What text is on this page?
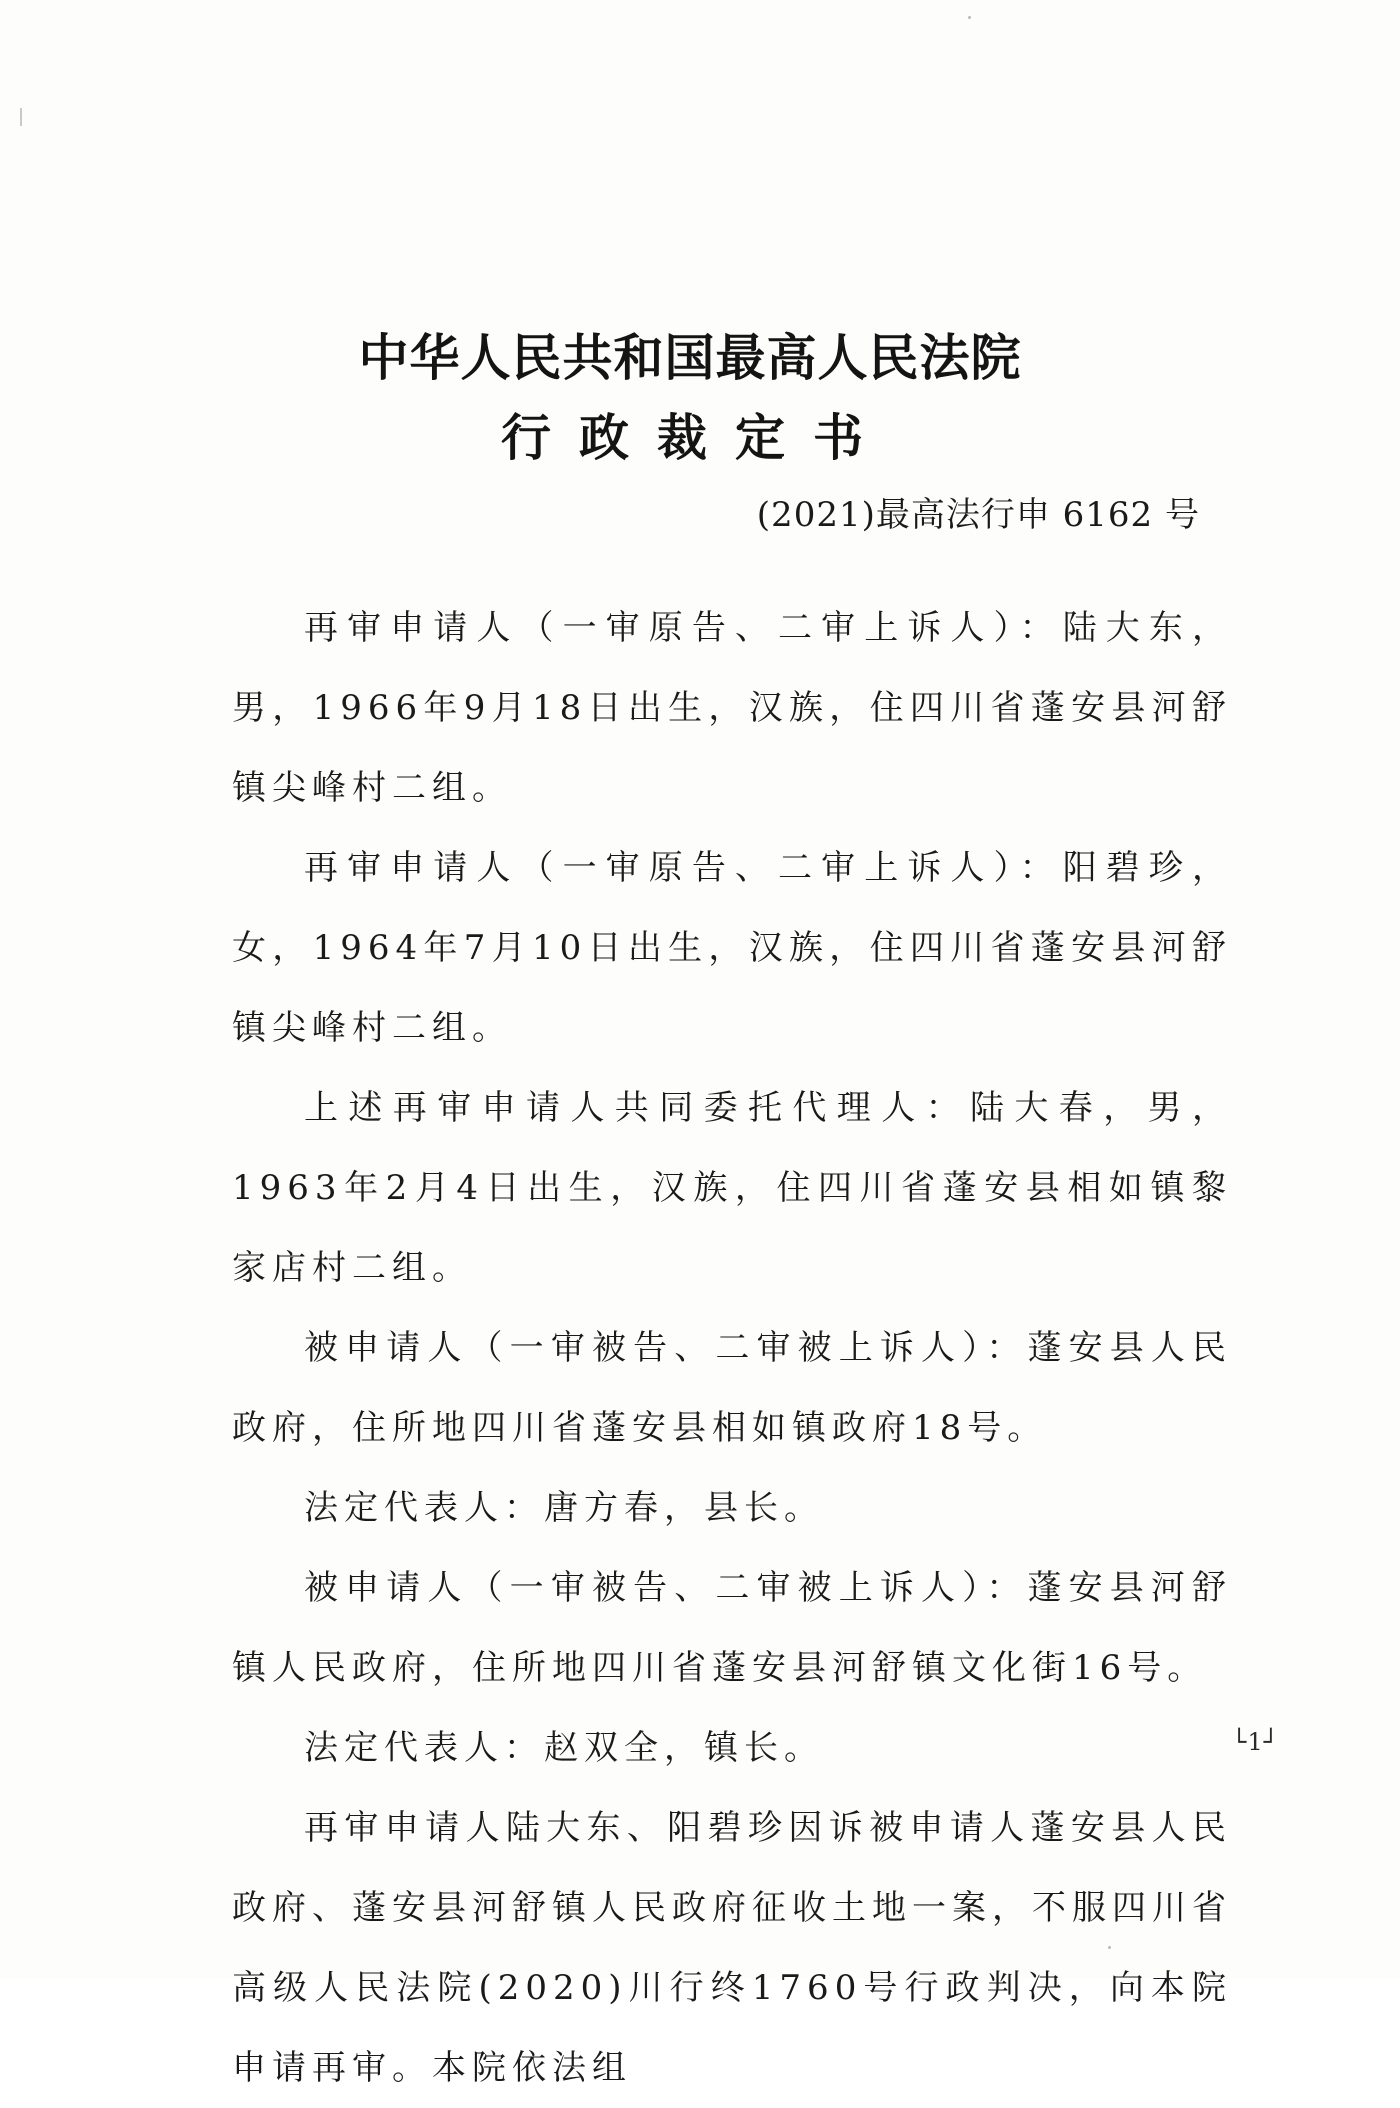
中华人民共和国最高人民法院
行政裁定书
(2021)最高法行申 6162 号

再审申请人（一审原告、二审上诉人）：陆大东，男，1966年9月18日出生，汉族，住四川省蓬安县河舒镇尖峰村二组。

再审申请人（一审原告、二审上诉人）：阳碧珍，女，1964年7月10日出生，汉族，住四川省蓬安县河舒镇尖峰村二组。

上述再审申请人共同委托代理人：陆大春，男，1963年2月4日出生，汉族，住四川省蓬安县相如镇黎家店村二组。

被申请人（一审被告、二审被上诉人）：蓬安县人民政府，住所地四川省蓬安县相如镇政府18号。

法定代表人：唐方春，县长。

被申请人（一审被告、二审被上诉人）：蓬安县河舒镇人民政府，住所地四川省蓬安县河舒镇文化街16号。

法定代表人：赵双全，镇长。

再审申请人陆大东、阳碧珍因诉被申请人蓬安县人民政府、蓬安县河舒镇人民政府征收土地一案，不服四川省高级人民法院(2020)川行终1760号行政判决，向本院申请再审。本院依法组

└1┘
